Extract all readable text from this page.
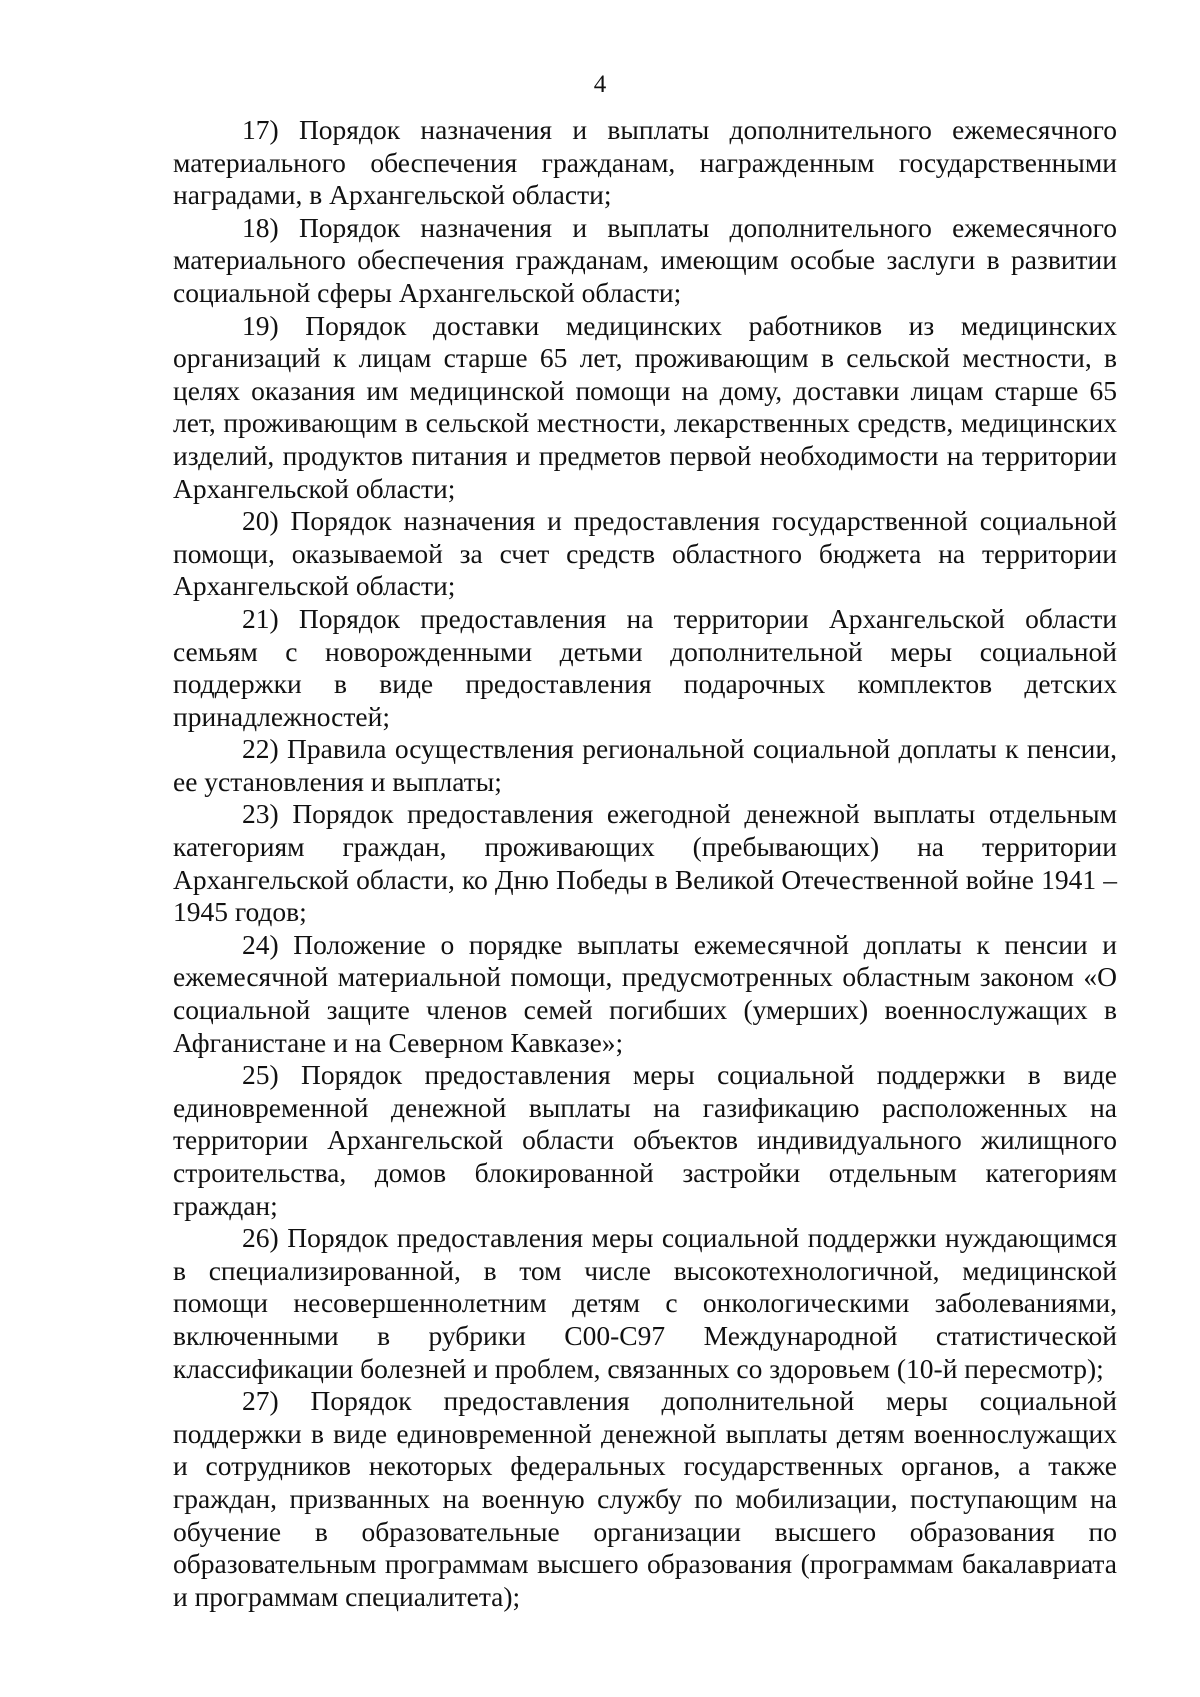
4

17) Порядок назначения и выплаты дополнительного ежемесячного материального обеспечения гражданам, награжденным государственными наградами, в Архангельской области;

18) Порядок назначения и выплаты дополнительного ежемесячного материального обеспечения гражданам, имеющим особые заслуги в развитии социальной сферы Архангельской области;

19) Порядок доставки медицинских работников из медицинских организаций к лицам старше 65 лет, проживающим в сельской местности, в целях оказания им медицинской помощи на дому, доставки лицам старше 65 лет, проживающим в сельской местности, лекарственных средств, медицинских изделий, продуктов питания и предметов первой необходимости на территории Архангельской области;

20) Порядок назначения и предоставления государственной социальной помощи, оказываемой за счет средств областного бюджета на территории Архангельской области;

21) Порядок предоставления на территории Архангельской области семьям с новорожденными детьми дополнительной меры социальной поддержки в виде предоставления подарочных комплектов детских принадлежностей;

22) Правила осуществления региональной социальной доплаты к пенсии, ее установления и выплаты;

23) Порядок предоставления ежегодной денежной выплаты отдельным категориям граждан, проживающих (пребывающих) на территории Архангельской области, ко Дню Победы в Великой Отечественной войне 1941 – 1945 годов;

24) Положение о порядке выплаты ежемесячной доплаты к пенсии и ежемесячной материальной помощи, предусмотренных областным законом «О социальной защите членов семей погибших (умерших) военнослужащих в Афганистане и на Северном Кавказе»;

25) Порядок предоставления меры социальной поддержки в виде единовременной денежной выплаты на газификацию расположенных на территории Архангельской области объектов индивидуального жилищного строительства, домов блокированной застройки отдельным категориям граждан;

26) Порядок предоставления меры социальной поддержки нуждающимся в специализированной, в том числе высокотехнологичной, медицинской помощи несовершеннолетним детям с онкологическими заболеваниями, включенными в рубрики С00-С97 Международной статистической классификации болезней и проблем, связанных со здоровьем (10-й пересмотр);

27) Порядок предоставления дополнительной меры социальной поддержки в виде единовременной денежной выплаты детям военнослужащих и сотрудников некоторых федеральных государственных органов, а также граждан, призванных на военную службу по мобилизации, поступающим на обучение в образовательные организации высшего образования по образовательным программам высшего образования (программам бакалавриата и программам специалитета);
